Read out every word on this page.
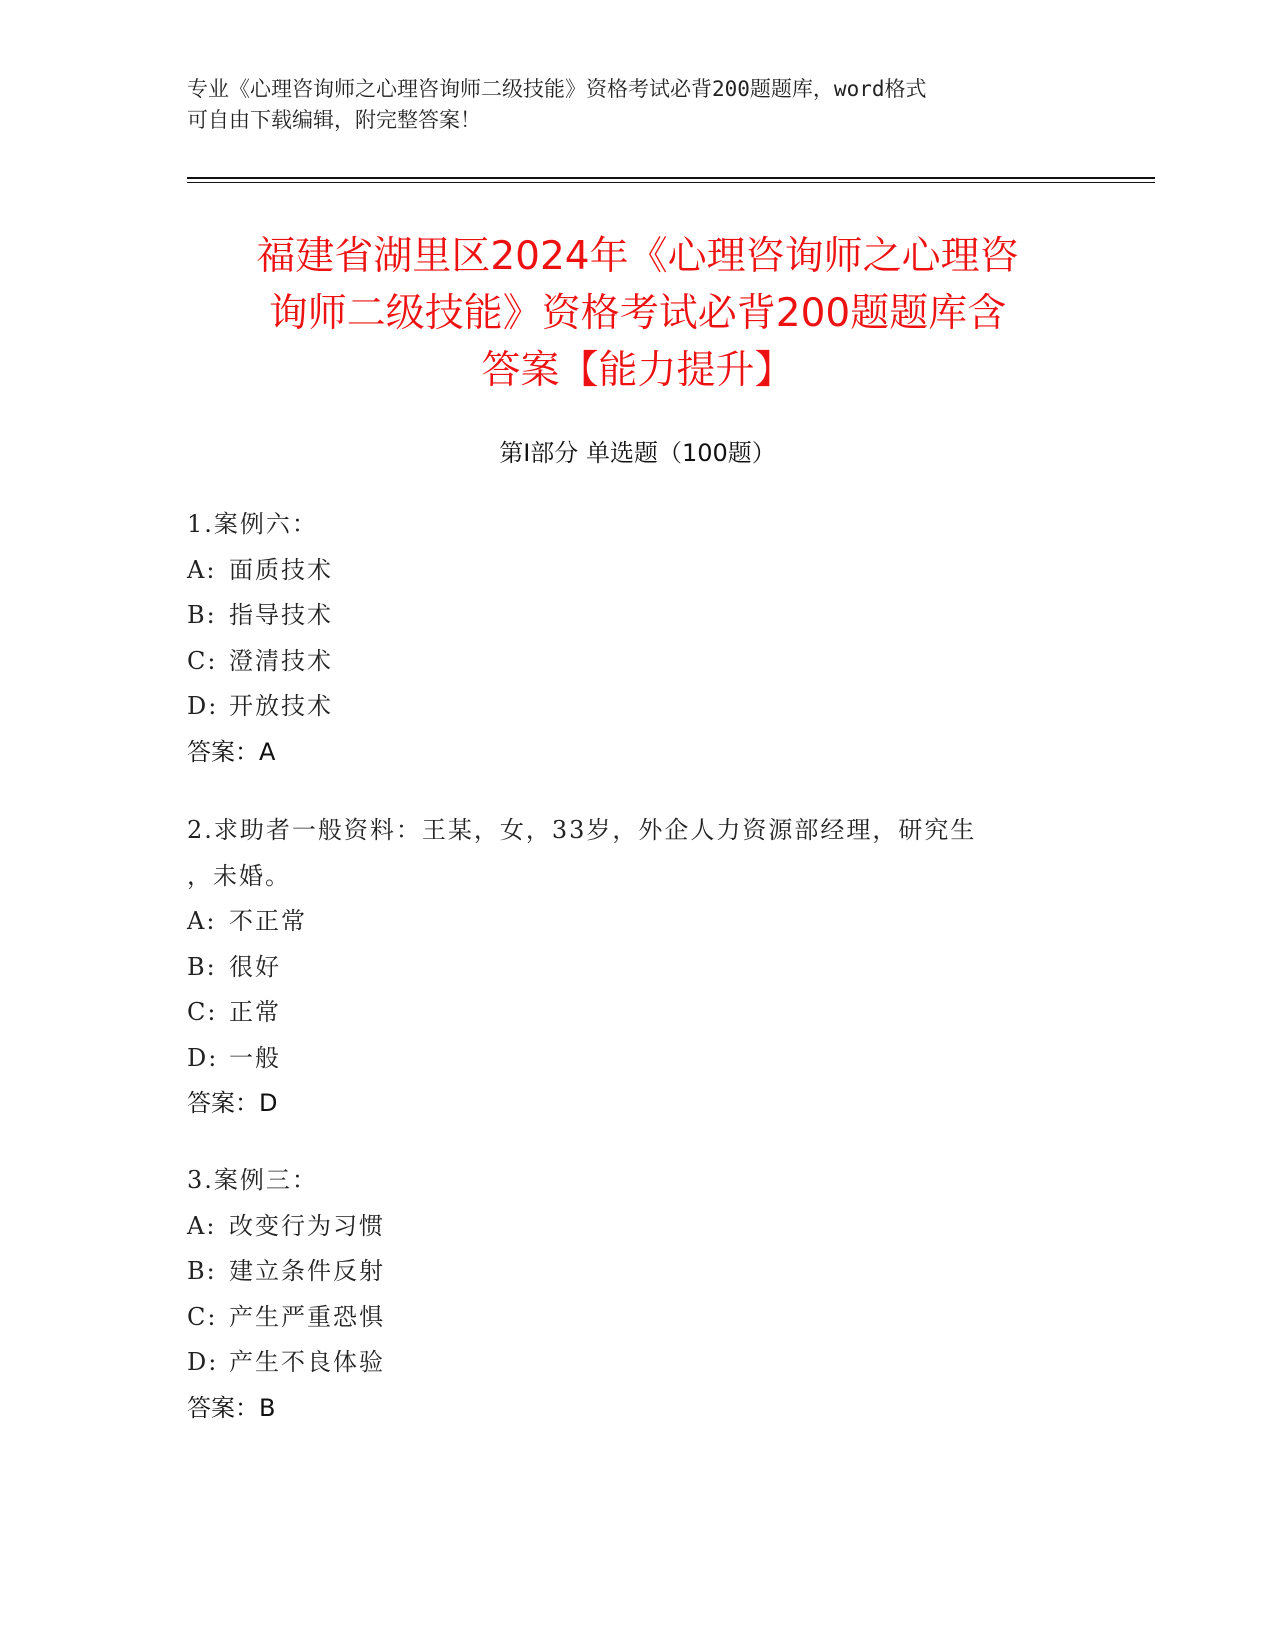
专业《心理咨询师之心理咨询师二级技能》资格考试必背200题题库，word格式
可自由下载编辑，附完整答案！
福建省湖里区2024年《心理咨询师之心理咨
询师二级技能》资格考试必背200题题库含
答案【能力提升】
第Ⅰ部分 单选题（100题）
1.案例六：
A: 面质技术
B: 指导技术
C: 澄清技术
D: 开放技术
答案：A
2.求助者一般资料：王某，女，33岁，外企人力资源部经理，研究生
，未婚。
A: 不正常
B: 很好
C: 正常
D: 一般
答案：D
3.案例三：
A: 改变行为习惯
B: 建立条件反射
C: 产生严重恐惧
D: 产生不良体验
答案：B
